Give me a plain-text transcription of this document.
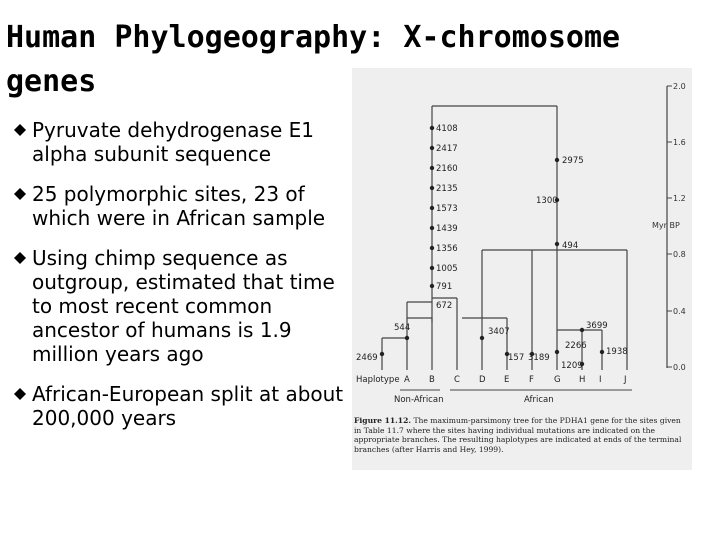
Human Phylogeography: X-chromosome
genes
Pyruvate dehydrogenase E1 alpha subunit sequence
25 polymorphic sites, 23 of which were in African sample
Using chimp sequence as outgroup, estimated that time to most recent common ancestor of humans is 1.9 million years ago
African-European split at about 200,000 years
4108
2417
2160
2135
1573
1439
1356
1005
791
672
2975
1300
494
544
2469
3407
157 3189
3699
2266
1209
1938
2.0
1.6
1.2
0.8
0.4
0.0
Myr BP
Haplotype A B C D E F G H I	J
Non-African	African

Figure 11.12. The maximum-parsimony tree for the PDHA1 gene for the sites given in Table 11.7 where the sites having individual mutations are indicated on the appropriate branches. The resulting haplotypes are indicated at ends of the terminal branches (after Harris and Hey, 1999).
